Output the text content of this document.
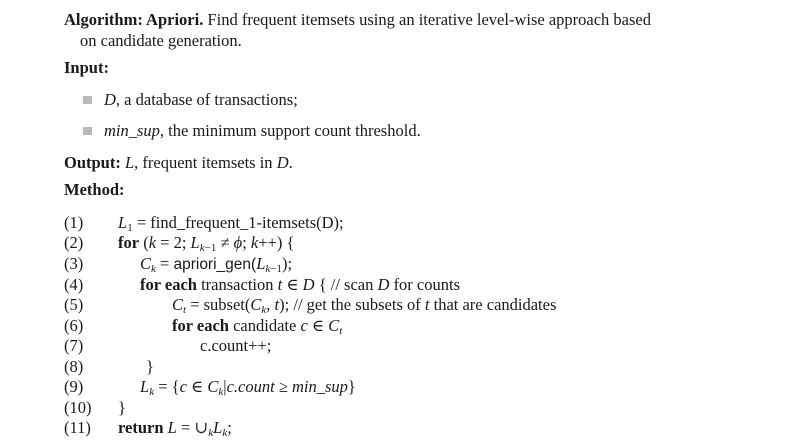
Algorithm: Apriori. Find frequent itemsets using an iterative level-wise approach based
on candidate generation.
Input:
D, a database of transactions;
min_sup, the minimum support count threshold.
Output: L, frequent itemsets in D.
Method:
(1)
(2)
(3)
(4)
(5)
(6)
(7)
(8)
(9)
(10)
(11)
$L_1$ = find_frequent_1-itemsets(D);
for (k = 2; $L_{k-1} \ne \phi$; k++) {
$C_k$ = $apriori\_gen(L_{k-1})$;
for each transaction t ∈ D { // scan D for counts
$C_t$ = $subset(C_k$, t); // get the subsets of t that are candidates
for each candidate c ∈ $C_t$
c.count++;
}
$L_k = \{c$ ∈ $C_k|c.count$ ≥ min_sup}
}
return $L = \cup_kL_k$;
